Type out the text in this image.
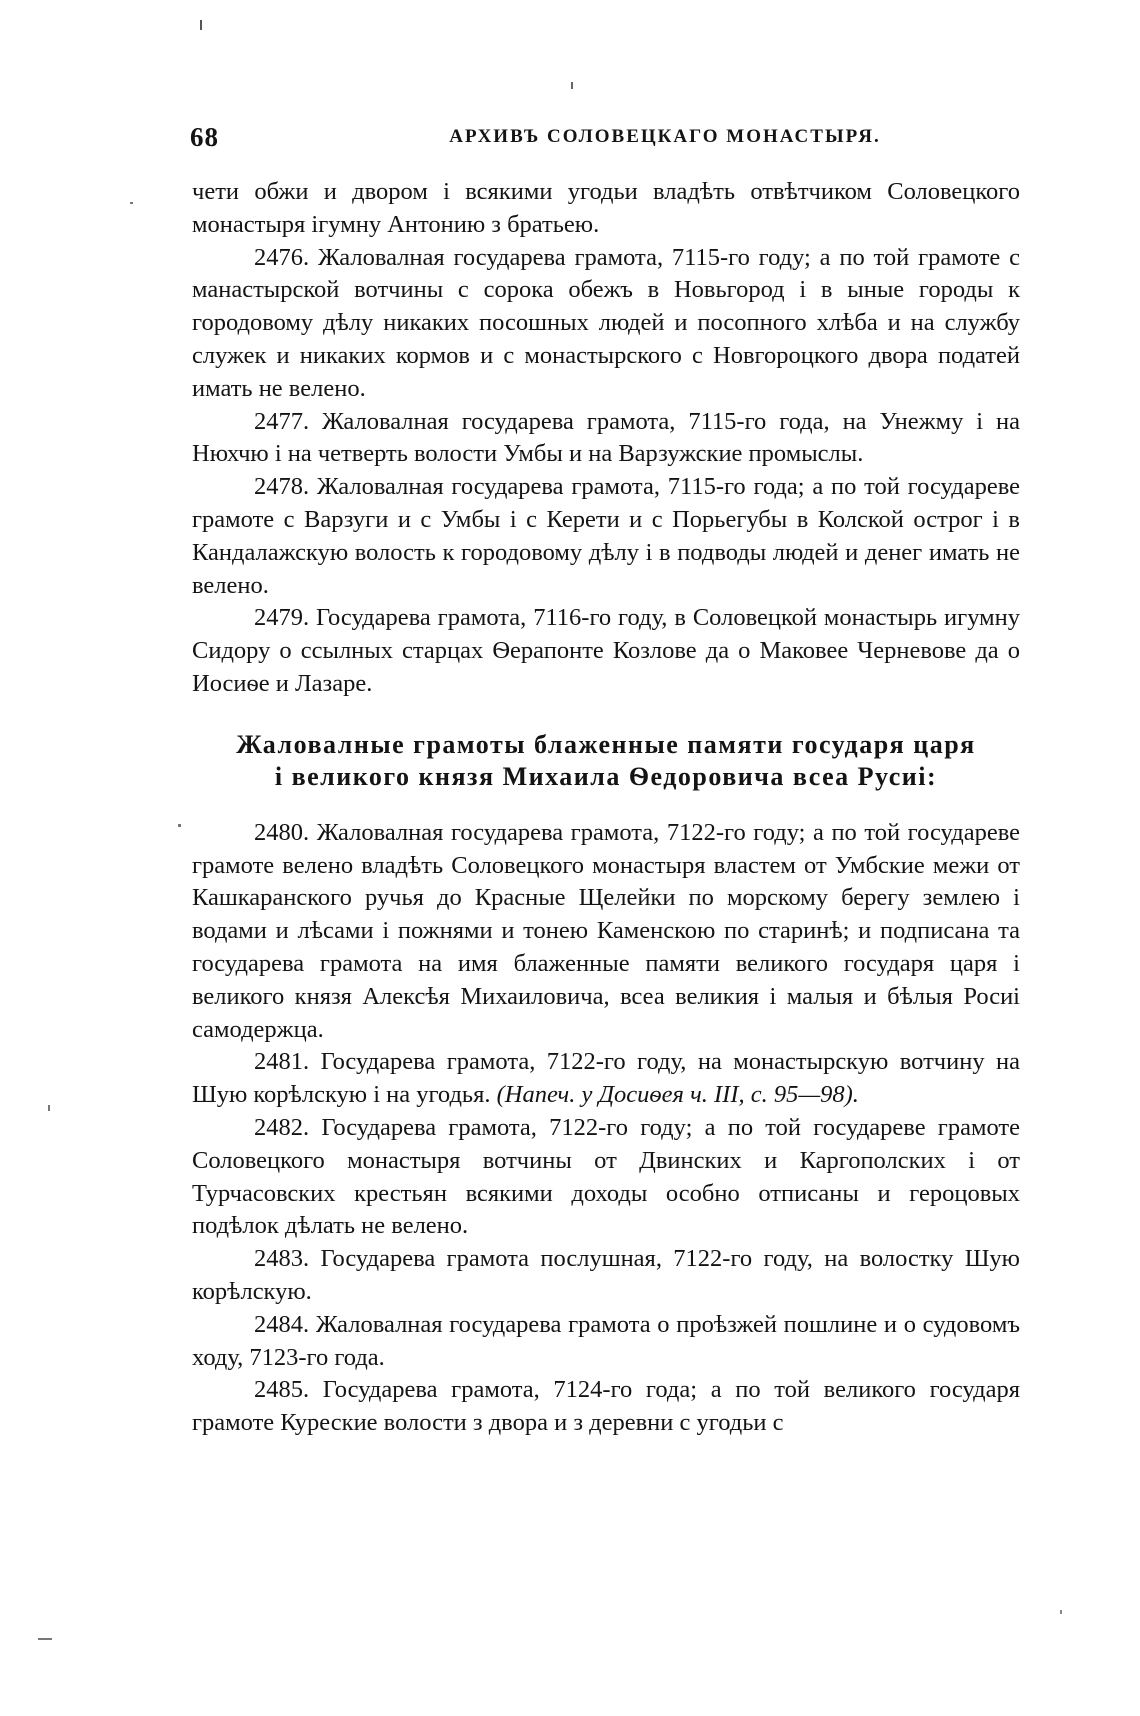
68	АРХИВЪ СОЛОВЕЦКАГО МОНАСТЫРЯ.

чети обжи и двором і всякими угодьи владѣть отвѣтчиком Соловецкого монастыря ігумну Антонию з братьею.

2476. Жаловалная государева грамота, 7115-го году; а по той грамоте с манастырской вотчины с сорока обежъ в Новьгород і в ыные городы к городовому дѣлу никаких посошных людей и посопного хлѣба и на службу служек и никаких кормов и с монастырского с Новгороцкого двора податей имать не велено.

2477. Жаловалная государева грамота, 7115-го года, на Унежму і на Нюхчю і на четверть волости Умбы и на Варзужские промыслы.

2478. Жаловалная государева грамота, 7115-го года; а по той государеве грамоте с Варзуги и с Умбы і с Керети и с Порьегубы в Колской острог і в Кандалажскую волость к городовому дѣлу і в подводы людей и денег имать не велено.

2479. Государева грамота, 7116-го году, в Соловецкой монастырь игумну Сидору о ссылных старцах Ѳерапонте Козлове да о Маковее Черневове да о Иосиѳе и Лазаре.

Жаловалные грамоты блаженные памяти государя царя
і великого князя Михаила Ѳедоровича всеа Русиі:

2480. Жаловалная государева грамота, 7122-го году; а по той государеве грамоте велено владѣть Соловецкого монастыря властем от Умбские межи от Кашкаранского ручья до Красные Щелейки по морскому берегу землею і водами и лѣсами і пожнями и тонею Каменскою по старинѣ; и подписана та государева грамота на имя блаженные памяти великого государя царя і великого князя Алексѣя Михаиловича, всеа великия і малыя и бѣлыя Росиі самодержца.

2481. Государева грамота, 7122-го году, на монастырскую вотчину на Шую корѣлскую і на угодья. (Напеч. у Досиѳея ч. III, с. 95—98).

2482. Государева грамота, 7122-го году; а по той государеве грамоте Соловецкого монастыря вотчины от Двинских и Каргополских і от Турчасовских крестьян всякими доходы особно отписаны и героцовых подѣлок дѣлать не велено.

2483. Государева грамота послушная, 7122-го году, на волостку Шую корѣлскую.

2484. Жаловалная государева грамота о проѣзжей пошлине и о судовомъ ходу, 7123-го года.

2485. Государева грамота, 7124-го года; а по той великого государя грамоте Куреские волости з двора и з деревни с угодьи с
